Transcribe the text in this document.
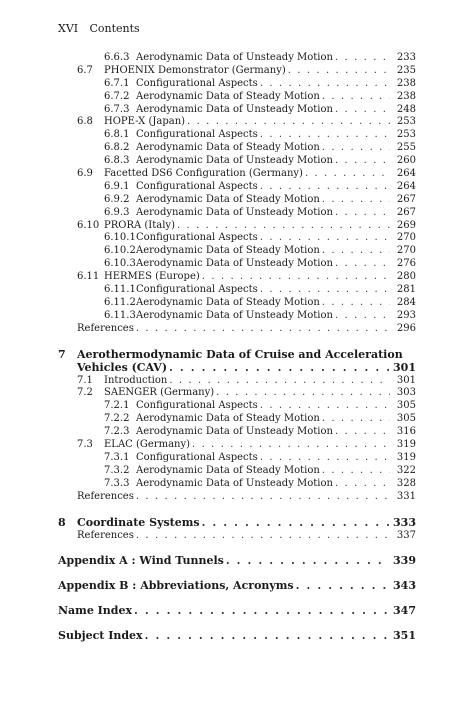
XVI Contents
6.6.3 Aerodynamic Data of Unsteady Motion . . .	233
6.7	PHOENIX Demonstrator (Germany) . . .	235
6.7.1 Configurational Aspects . . .	238
6.7.2 Aerodynamic Data of Steady Motion . . .	238
6.7.3 Aerodynamic Data of Unsteady Motion . . .	248
6.8	HOPE-X (Japan) . . .	253
6.8.1 Configurational Aspects . . .	253
6.8.2 Aerodynamic Data of Steady Motion . . .	255
6.8.3 Aerodynamic Data of Unsteady Motion . . .	260
6.9	Facetted DS6 Configuration (Germany) . . .	264
6.9.1 Configurational Aspects . . .	264
6.9.2 Aerodynamic Data of Steady Motion . . .	267
6.9.3 Aerodynamic Data of Unsteady Motion . . .	267
6.10 PRORA (Italy) . . .	269
6.10.1 Configurational Aspects . . .	270
6.10.2 Aerodynamic Data of Steady Motion . . .	270
6.10.3 Aerodynamic Data of Unsteady Motion . . .	276
6.11 HERMES (Europe) . . .	280
6.11.1 Configurational Aspects . . .	281
6.11.2 Aerodynamic Data of Steady Motion . . .	284
6.11.3 Aerodynamic Data of Unsteady Motion . . .	293
References . . .	296
7 Aerothermodynamic Data of Cruise and Acceleration
Vehicles (CAV) . . .	301
7.1	Introduction . . .	301
7.2	SAENGER (Germany) . . .	303
7.2.1 Configurational Aspects . . .	305
7.2.2 Aerodynamic Data of Steady Motion . . .	305
7.2.3 Aerodynamic Data of Unsteady Motion . . .	316
7.3	ELAC (Germany) . . .	319
7.3.1 Configurational Aspects . . .	319
7.3.2 Aerodynamic Data of Steady Motion . . .	322
7.3.3 Aerodynamic Data of Unsteady Motion . . .	328
References . . .	331
8	Coordinate Systems . . .	333
References . . .	337
Appendix A : Wind Tunnels . . .	339
Appendix B : Abbreviations, Acronyms . . .	343
Name Index . . .	347
Subject Index . . .	351
